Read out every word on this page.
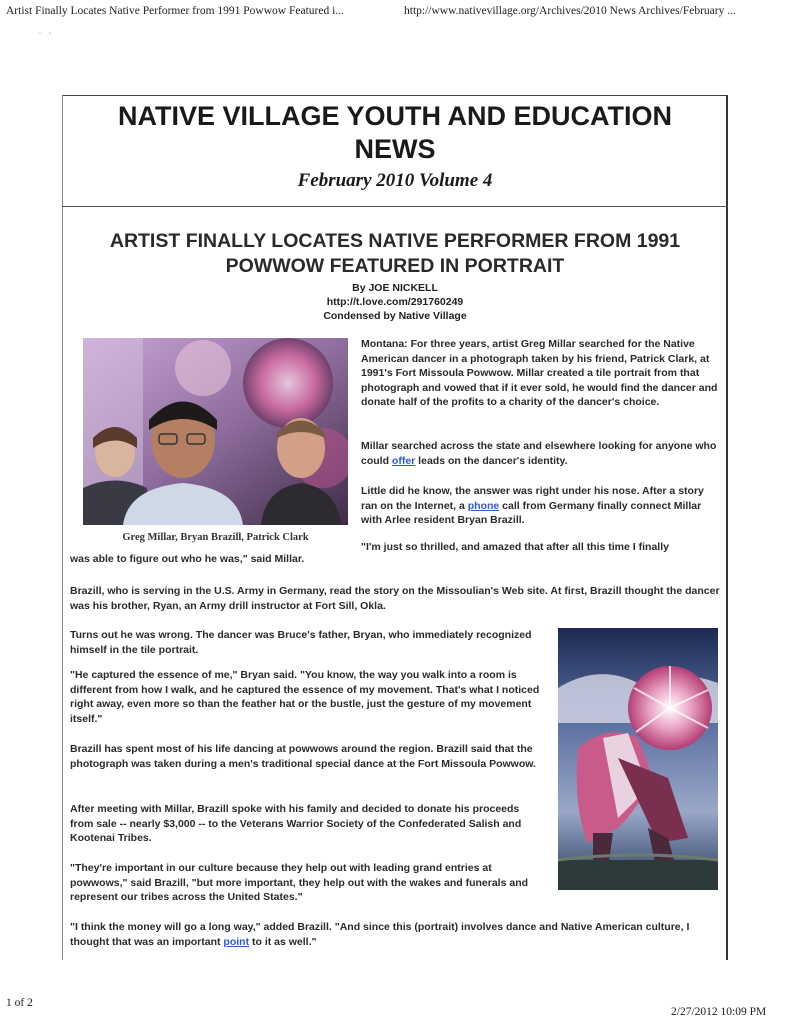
Artist Finally Locates Native Performer from 1991 Powwow Featured i...	http://www.nativevillage.org/Archives/2010 News Archives/February ...
- -
NATIVE VILLAGE YOUTH AND EDUCATION NEWS
February 2010 Volume 4
ARTIST FINALLY LOCATES NATIVE PERFORMER FROM 1991 POWWOW FEATURED IN PORTRAIT
By JOE NICKELL
http://t.love.com/291760249
Condensed by Native Village
Greg Millar, Bryan Brazill, Patrick Clark
Montana: For three years, artist Greg Millar searched for the Native American dancer in a photograph taken by his friend, Patrick Clark, at 1991's Fort Missoula Powwow. Millar created a tile portrait from that photograph and vowed that if it ever sold, he would find the dancer and donate half of the profits to a charity of the dancer's choice.
Millar searched across the state and elsewhere looking for anyone who could offer leads on the dancer's identity.
Little did he know, the answer was right under his nose. After a story ran on the Internet, a phone call from Germany finally connect Millar with Arlee resident Bryan Brazill.
"I'm just so thrilled, and amazed that after all this time I finally
was able to figure out who he was," said Millar.
Brazill, who is serving in the U.S. Army in Germany, read the story on the Missoulian's Web site. At first, Brazill thought the dancer was his brother, Ryan, an Army drill instructor at Fort Sill, Okla.
Turns out he was wrong. The dancer was Bruce's father, Bryan, who immediately recognized himself in the tile portrait.
"He captured the essence of me," Bryan said. "You know, the way you walk into a room is different from how I walk, and he captured the essence of my movement. That's what I noticed right away, even more so than the feather hat or the bustle, just the gesture of my movement itself."
Brazill has spent most of his life dancing at powwows around the region. Brazill said that the photograph was taken during a men's traditional special dance at the Fort Missoula Powwow.
After meeting with Millar, Brazill spoke with his family and decided to donate his proceeds from sale -- nearly $3,000 -- to the Veterans Warrior Society of the Confederated Salish and Kootenai Tribes.
"They're important in our culture because they help out with leading grand entries at powwows," said Brazill, "but more important, they help out with the wakes and funerals and represent our tribes across the United States."
"I think the money will go a long way," added Brazill. "And since this (portrait) involves dance and Native American culture, I thought that was an important point to it as well."
1 of 2
2/27/2012 10:09 PM
